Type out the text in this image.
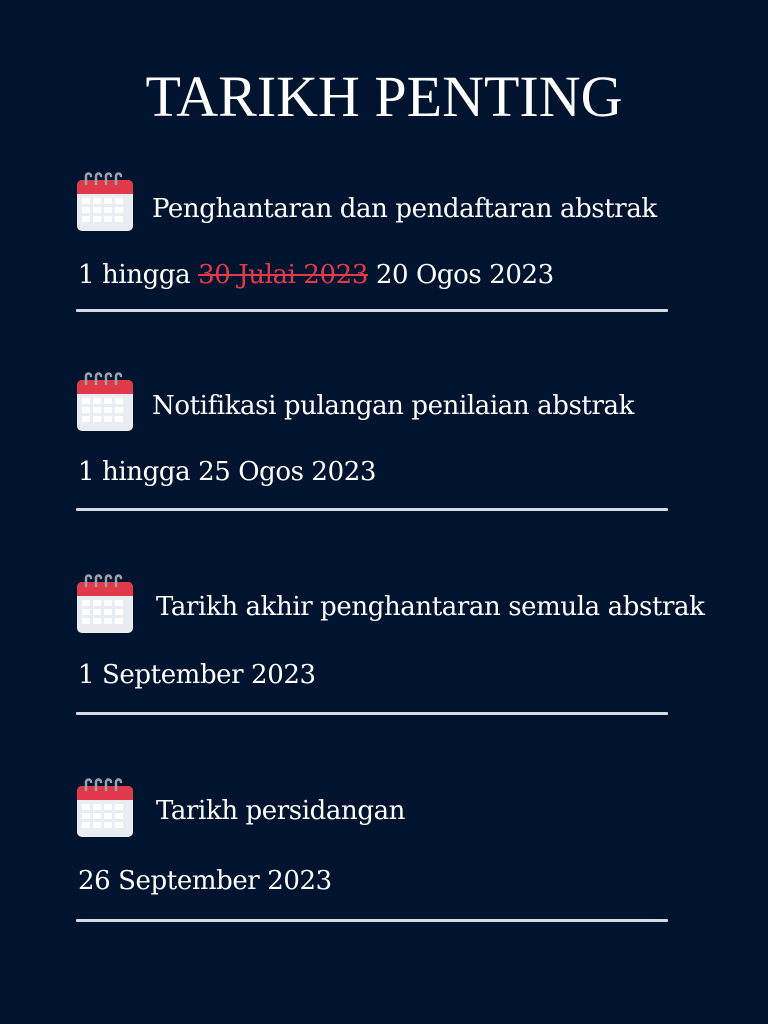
TARIKH PENTING
Penghantaran dan pendaftaran abstrak
1 hingga 30 Julai 2023 20 Ogos 2023
Notifikasi pulangan penilaian abstrak
1 hingga 25 Ogos 2023
Tarikh akhir penghantaran semula abstrak
1 September 2023
Tarikh persidangan
26 September 2023
